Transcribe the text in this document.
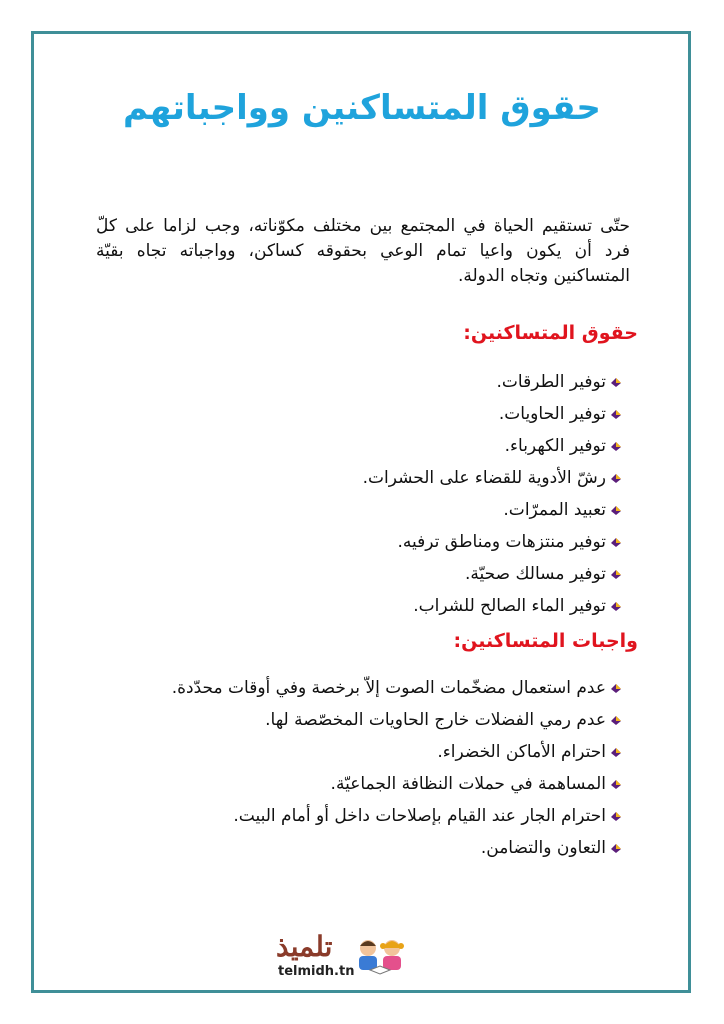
حقوق المتساكنين وواجباتهم
حتّى تستقيم الحياة في المجتمع بين مختلف مكوّناته، وجب لزاما على كلّ فرد أن يكون واعيا تمام الوعي بحقوقه كساكن، وواجباته تجاه بقيّة المتساكنين وتجاه الدولة.
حقوق المتساكنين:
توفير الطرقات.
توفير الحاويات.
توفير الكهرباء.
رشّ الأدوية للقضاء على الحشرات.
تعبيد الممرّات.
توفير منتزهات ومناطق ترفيه.
توفير مسالك صحيّة.
توفير الماء الصالح للشراب.
واجبات المتساكنين:
عدم استعمال مضخّمات الصوت إلاّ برخصة وفي أوقات محدّدة.
عدم رمي الفضلات خارج الحاويات المخصّصة لها.
احترام الأماكن الخضراء.
المساهمة في حملات النظافة الجماعيّة.
احترام الجار عند القيام بإصلاحات داخل أو أمام البيت.
التعاون والتضامن.
تلميذ
telmidh.tn
